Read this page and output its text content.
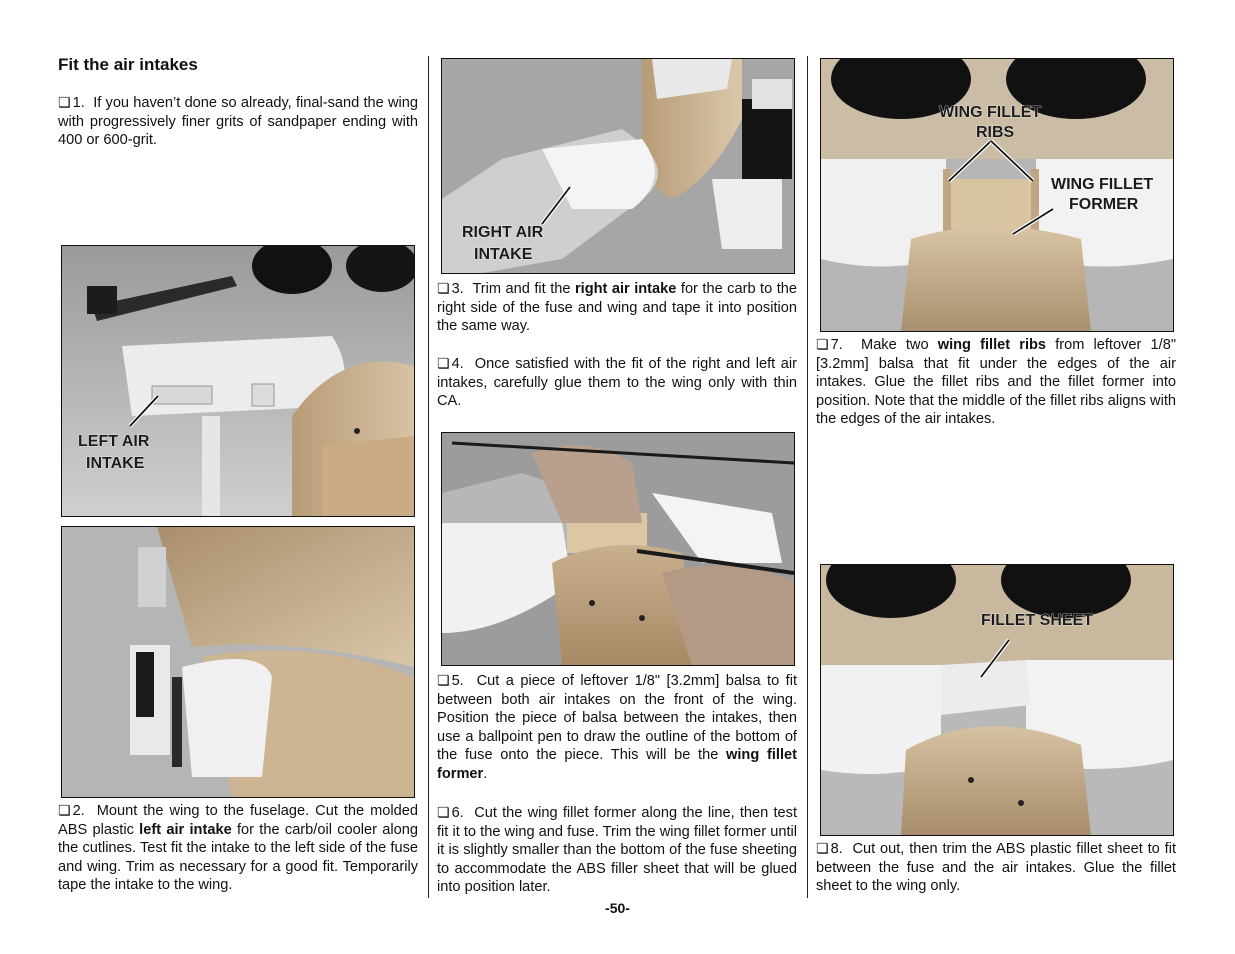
Fit the air intakes

❏ 1. If you haven’t done so already, final-sand the wing with progressively finer grits of sandpaper ending with 400 or 600-grit.

LEFT AIR
INTAKE

❏ 2. Mount the wing to the fuselage. Cut the molded ABS plastic left air intake for the carb/oil cooler along the cutlines. Test fit the intake to the left side of the fuse and wing. Trim as necessary for a good fit. Temporarily tape the intake to the wing.

RIGHT AIR
INTAKE

❏ 3. Trim and fit the right air intake for the carb to the right side of the fuse and wing and tape it into position the same way.

❏ 4. Once satisfied with the fit of the right and left air intakes, carefully glue them to the wing only with thin CA.

❏ 5. Cut a piece of leftover 1/8" [3.2mm] balsa to fit between both air intakes on the front of the wing. Position the piece of balsa between the intakes, then use a ballpoint pen to draw the outline of the bottom of the fuse onto the piece. This will be the wing fillet former.

❏ 6. Cut the wing fillet former along the line, then test fit it to the wing and fuse. Trim the wing fillet former until it is slightly smaller than the bottom of the fuse sheeting to accommodate the ABS filler sheet that will be glued into position later.

WING FILLET
RIBS
WING FILLET
FORMER

❏ 7. Make two wing fillet ribs from leftover 1/8" [3.2mm] balsa that fit under the edges of the air intakes. Glue the fillet ribs and the fillet former into position. Note that the middle of the fillet ribs aligns with the edges of the air intakes.

FILLET SHEET

❏ 8. Cut out, then trim the ABS plastic fillet sheet to fit between the fuse and the air intakes. Glue the fillet sheet to the wing only.

-50-
